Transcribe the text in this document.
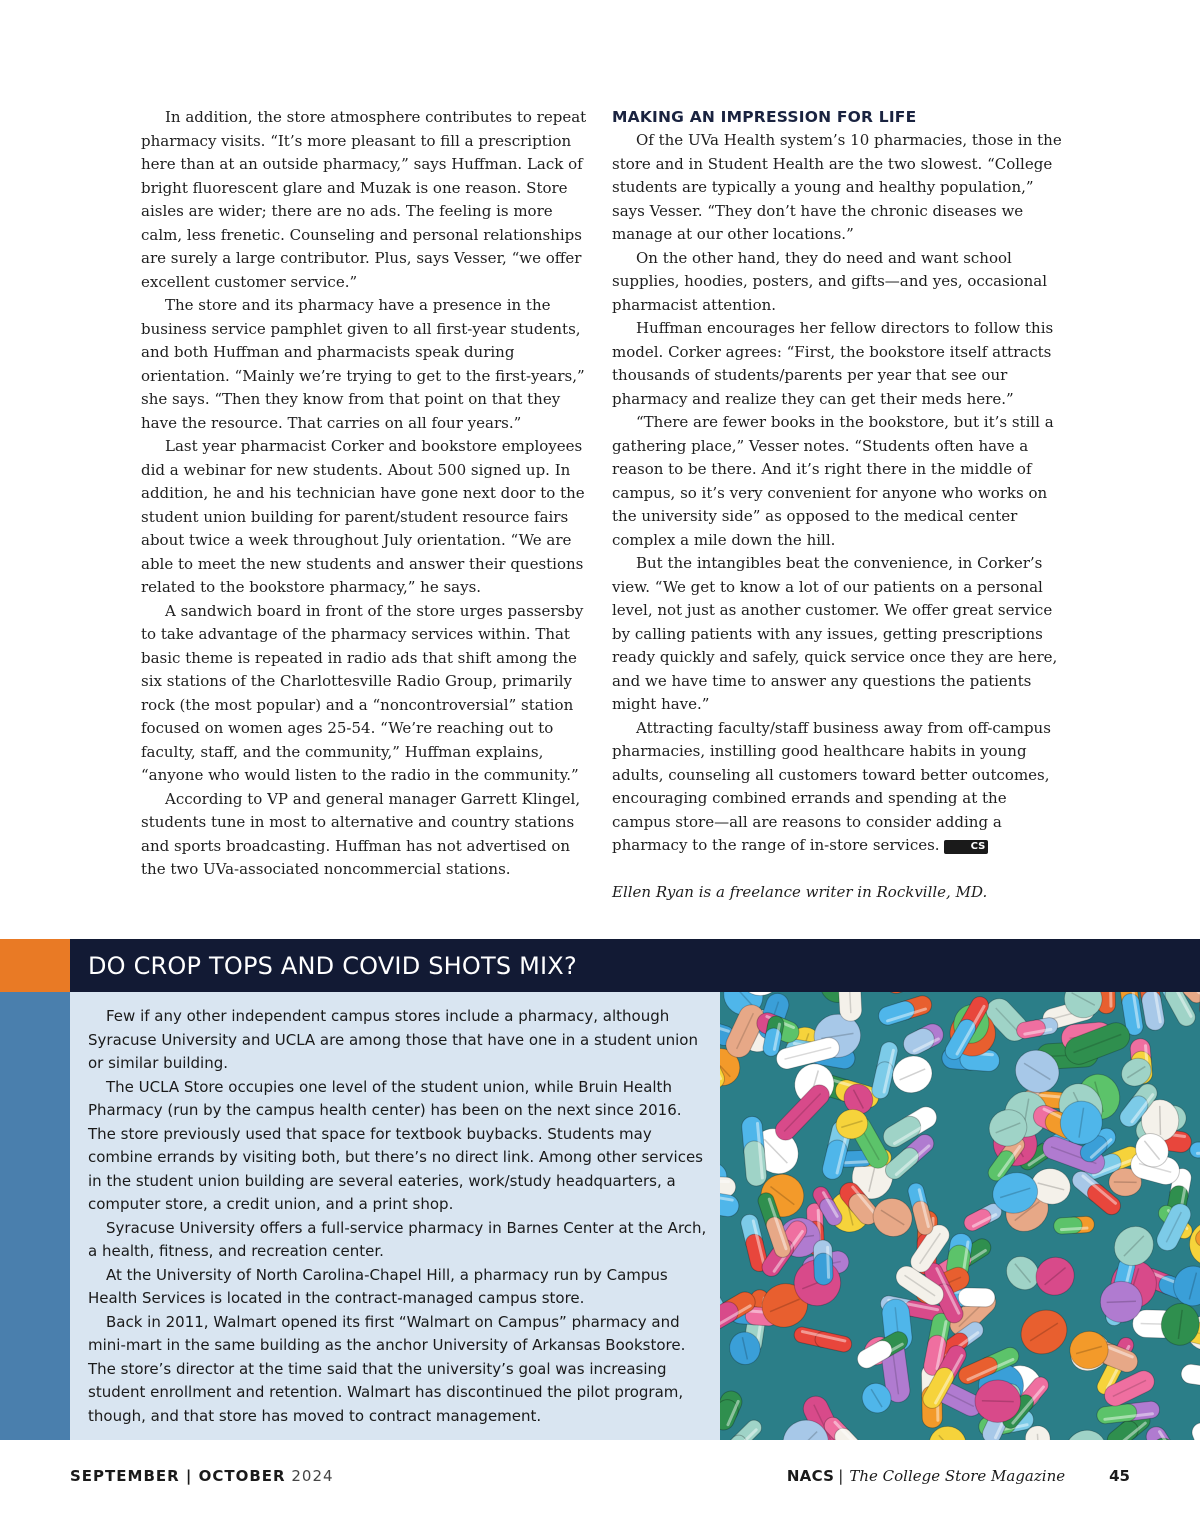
In addition, the store atmosphere contributes to repeat pharmacy visits. “It’s more pleasant to fill a prescription here than at an outside pharmacy,” says Huffman. Lack of bright fluorescent glare and Muzak is one reason. Store aisles are wider; there are no ads. The feeling is more calm, less frenetic. Counseling and personal relationships are surely a large contributor. Plus, says Vesser, “we offer excellent customer service.”

The store and its pharmacy have a presence in the business service pamphlet given to all first-year students, and both Huffman and pharmacists speak during orientation. “Mainly we’re trying to get to the first-years,” she says. “Then they know from that point on that they have the resource. That carries on all four years.”

Last year pharmacist Corker and bookstore employees did a webinar for new students. About 500 signed up. In addition, he and his technician have gone next door to the student union building for parent/student resource fairs about twice a week throughout July orientation. “We are able to meet the new students and answer their questions related to the bookstore pharmacy,” he says.

A sandwich board in front of the store urges passersby to take advantage of the pharmacy services within. That basic theme is repeated in radio ads that shift among the six stations of the Charlottesville Radio Group, primarily rock (the most popular) and a “noncontroversial” station focused on women ages 25-54. “We’re reaching out to faculty, staff, and the community,” Huffman explains, “anyone who would listen to the radio in the community.”

According to VP and general manager Garrett Klingel, students tune in most to alternative and country stations and sports broadcasting. Huffman has not advertised on the two UVa-associated noncommercial stations.

MAKING AN IMPRESSION FOR LIFE

Of the UVa Health system’s 10 pharmacies, those in the store and in Student Health are the two slowest. “College students are typically a young and healthy population,” says Vesser. “They don’t have the chronic diseases we manage at our other locations.”

On the other hand, they do need and want school supplies, hoodies, posters, and gifts—and yes, occasional pharmacist attention.

Huffman encourages her fellow directors to follow this model. Corker agrees: “First, the bookstore itself attracts thousands of students/parents per year that see our pharmacy and realize they can get their meds here.”

“There are fewer books in the bookstore, but it’s still a gathering place,” Vesser notes. “Students often have a reason to be there. And it’s right there in the middle of campus, so it’s very convenient for anyone who works on the university side” as opposed to the medical center complex a mile down the hill.

But the intangibles beat the convenience, in Corker’s view. “We get to know a lot of our patients on a personal level, not just as another customer. We offer great service by calling patients with any issues, getting prescriptions ready quickly and safely, quick service once they are here, and we have time to answer any questions the patients might have.”

Attracting faculty/staff business away from off-campus pharmacies, instilling good healthcare habits in young adults, counseling all customers toward better outcomes, encouraging combined errands and spending at the campus store—all are reasons to consider adding a pharmacy to the range of in-store services.	CS

Ellen Ryan is a freelance writer in Rockville, MD.

DO CROP TOPS AND COVID SHOTS MIX?

Few if any other independent campus stores include a pharmacy, although Syracuse University and UCLA are among those that have one in a student union or similar building.

The UCLA Store occupies one level of the student union, while Bruin Health Pharmacy (run by the campus health center) has been on the next since 2016. The store previously used that space for textbook buybacks. Students may combine errands by visiting both, but there’s no direct link. Among other services in the student union building are several eateries, work/study headquarters, a computer store, a credit union, and a print shop.

Syracuse University offers a full-service pharmacy in Barnes Center at the Arch, a health, fitness, and recreation center.

At the University of North Carolina-Chapel Hill, a pharmacy run by Campus Health Services is located in the contract-managed campus store.

Back in 2011, Walmart opened its first “Walmart on Campus” pharmacy and mini-mart in the same building as the anchor University of Arkansas Bookstore. The store’s director at the time said that the university’s goal was increasing student enrollment and retention. Walmart has discontinued the pilot program, though, and that store has moved to contract management.

SEPTEMBER | OCTOBER 2024	NACS | The College Store Magazine	45
